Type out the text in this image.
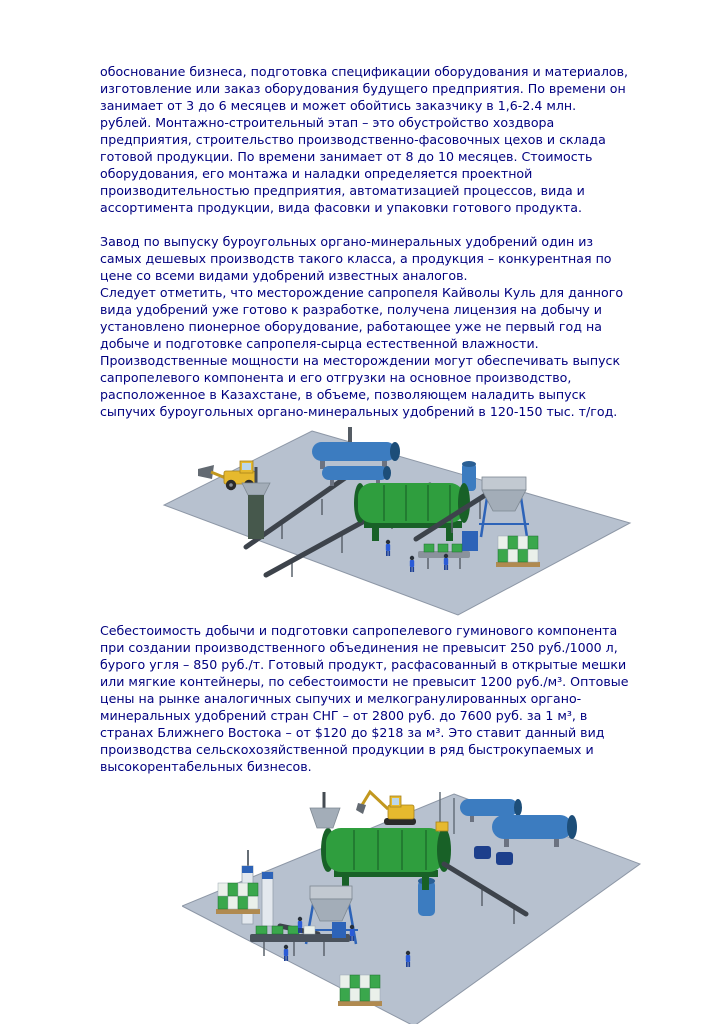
обоснование бизнеса, подготовка спецификации оборудования и материалов, изготовление или заказ оборудования будущего предприятия. По времени он занимает от 3 до 6 месяцев и может обойтись заказчику в 1,6-2.4 млн. рублей. Монтажно-строительный этап – это обустройство хоздвора предприятия, строительство производственно-фасовочных цехов и склада готовой продукции. По времени занимает от 8 до 10 месяцев. Стоимость оборудования, его монтажа и наладки определяется проектной производительностью предприятия, автоматизацией процессов, вида и ассортимента продукции, вида фасовки и упаковки готового продукта.

Завод по выпуску буроугольных органо-минеральных удобрений один из самых дешевых производств такого класса, а продукция – конкурентная по цене со всеми видами удобрений известных аналогов.

Следует отметить, что месторождение сапропеля Кайволы Куль для данного вида удобрений уже готово к разработке, получена лицензия на добычу и установлено пионерное оборудование, работающее уже не первый год на добыче и подготовке сапропеля-сырца естественной влажности. Производственные мощности на месторождении могут обеспечивать выпуск сапропелевого компонента и его отгрузки на основное производство, расположенное в Казахстане, в объеме, позволяющем наладить выпуск сыпучих буроугольных органо-минеральных удобрений в 120-150 тыс. т/год.

Себестоимость добычи и подготовки сапропелевого гуминового компонента при создании производственного объединения не превысит 250 руб./1000 л, бурого угля – 850 руб./т. Готовый продукт, расфасованный в открытые мешки или мягкие контейнеры, по себестоимости не превысит 1200 руб./м³. Оптовые цены на рынке аналогичных сыпучих и мелкогранулированных органо-минеральных удобрений стран СНГ – от 2800 руб. до 7600 руб. за 1 м³, в странах Ближнего Востока – от $120 до $218 за м³. Это ставит данный вид производства сельскохозяйственной продукции в ряд быстрокупаемых и высокорентабельных бизнесов.
